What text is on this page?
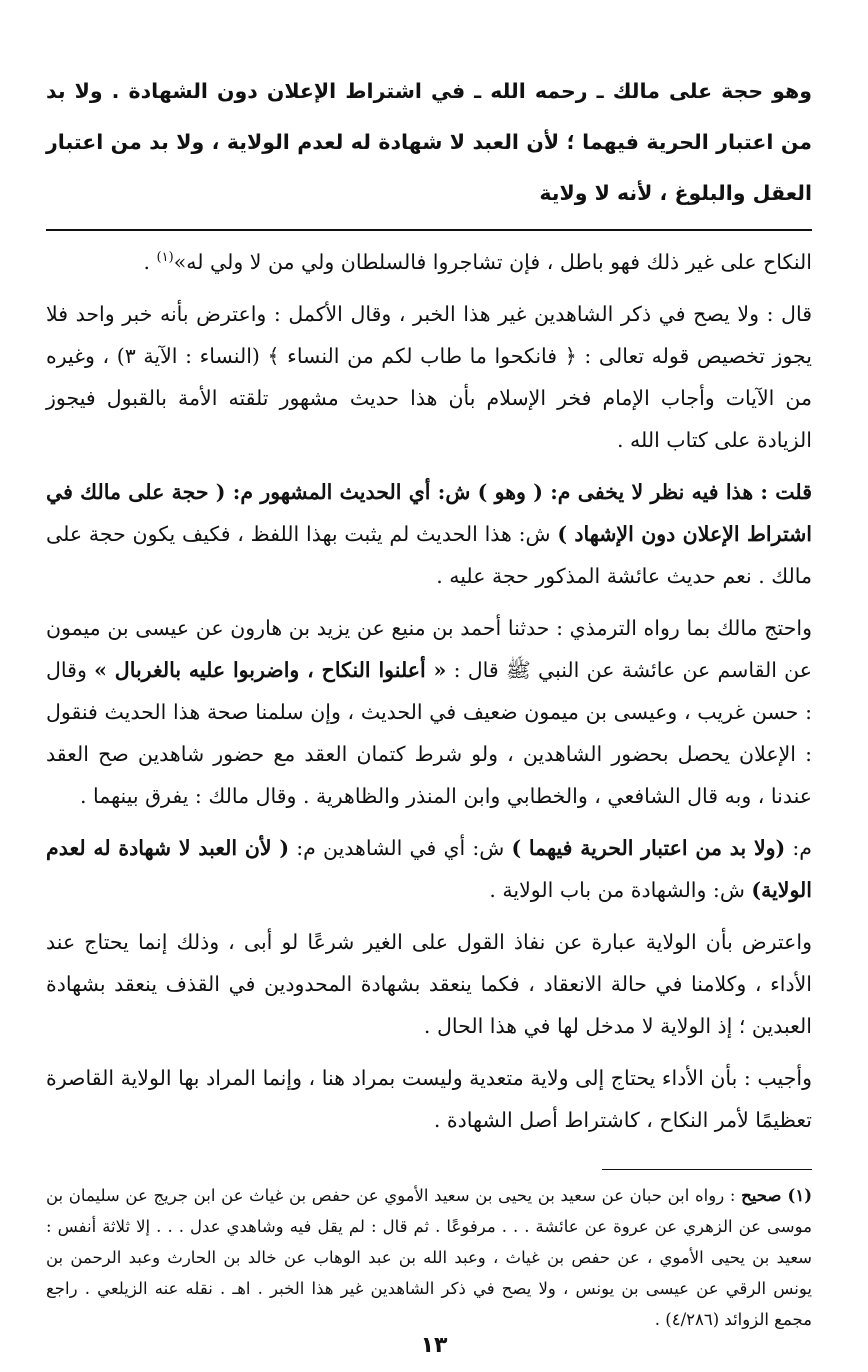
وهو حجة على مالك ـ رحمه الله ـ في اشتراط الإعلان دون الشهادة . ولا بد من اعتبار الحرية فيهما ؛ لأن العبد لا شهادة له لعدم الولاية ، ولا بد من اعتبار العقل والبلوغ ، لأنه لا ولاية

النكاح على غير ذلك فهو باطل ، فإن تشاجروا فالسلطان ولي من لا ولي له»$^{(١)}$ .

قال : ولا يصح في ذكر الشاهدين غير هذا الخبر ، وقال الأكمل : واعترض بأنه خبر واحد فلا يجوز تخصيص قوله تعالى : ﴿ فانكحوا ما طاب لكم من النساء ﴾ (النساء : الآية ٣) ، وغيره من الآيات وأجاب الإمام فخر الإسلام بأن هذا حديث مشهور تلقته الأمة بالقبول فيجوز الزيادة على كتاب الله .

قلت : هذا فيه نظر لا يخفى م: ( وهو ) ش: أي الحديث المشهور م: ( حجة على مالك في اشتراط الإعلان دون الإشهاد ) ش: هذا الحديث لم يثبت بهذا اللفظ ، فكيف يكون حجة على مالك . نعم حديث عائشة المذكور حجة عليه .

واحتج مالك بما رواه الترمذي : حدثنا أحمد بن منيع عن يزيد بن هارون عن عيسى بن ميمون عن القاسم عن عائشة عن النبي ﷺ قال : « أعلنوا النكاح ، واضربوا عليه بالغربال » وقال : حسن غريب ، وعيسى بن ميمون ضعيف في الحديث ، وإن سلمنا صحة هذا الحديث فنقول : الإعلان يحصل بحضور الشاهدين ، ولو شرط كتمان العقد مع حضور شاهدين صح العقد عندنا ، وبه قال الشافعي ، والخطابي وابن المنذر والظاهرية . وقال مالك : يفرق بينهما .

م: (ولا بد من اعتبار الحرية فيهما ) ش: أي في الشاهدين م: ( لأن العبد لا شهادة له لعدم الولاية) ش: والشهادة من باب الولاية .

واعترض بأن الولاية عبارة عن نفاذ القول على الغير شرعًا لو أبى ، وذلك إنما يحتاج عند الأداء ، وكلامنا في حالة الانعقاد ، فكما ينعقد بشهادة المحدودين في القذف ينعقد بشهادة العبدين ؛ إذ الولاية لا مدخل لها في هذا الحال .

وأجيب : بأن الأداء يحتاج إلى ولاية متعدية وليست بمراد هنا ، وإنما المراد بها الولاية القاصرة تعظيمًا لأمر النكاح ، كاشتراط أصل الشهادة .

(١) صحيح : رواه ابن حبان عن سعيد بن يحيى بن سعيد الأموي عن حفص بن غياث عن ابن جريج عن سليمان بن موسى عن الزهري عن عروة عن عائشة . . . مرفوعًا . ثم قال : لم يقل فيه وشاهدي عدل . . . إلا ثلاثة أنفس : سعيد بن يحيى الأموي ، عن حفص بن غياث ، وعبد الله بن عبد الوهاب عن خالد بن الحارث وعبد الرحمن بن يونس الرقي عن عيسى بن يونس ، ولا يصح في ذكر الشاهدين غير هذا الخبر . اهـ . نقله عنه الزيلعي . راجع مجمع الزوائد (٤/٢٨٦) .
١٣
